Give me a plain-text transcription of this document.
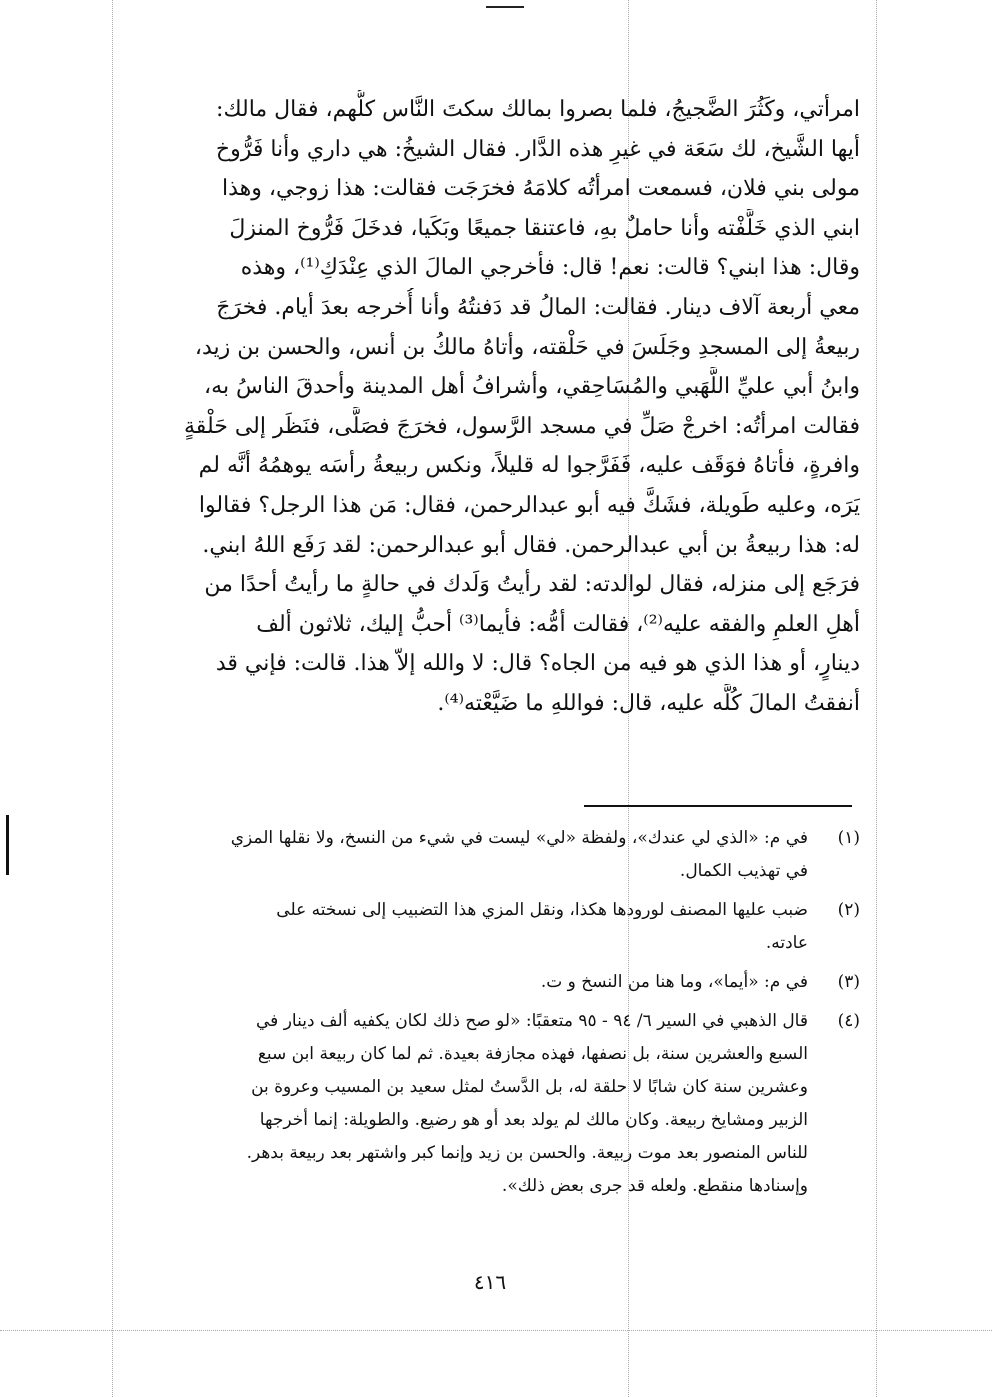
امرأتي، وكَثُرَ الضَّجيجُ، فلما بصروا بمالك سكتَ النَّاس كلُّهم، فقال مالك:
أيها الشَّيخ، لك سَعَة في غيرِ هذه الدَّار. فقال الشيخُ: هي داري وأنا فَرُّوخ
مولى بني فلان، فسمعت امرأتُه كلامَهُ فخرَجَت فقالت: هذا زوجي، وهذا
ابني الذي خَلَّفْته وأنا حاملٌ بهِ، فاعتنقا جميعًا وبَكَيا، فدخَلَ فَرُّوخ المنزلَ
وقال: هذا ابني؟ قالت: نعم! قال: فأخرجي المالَ الذي عِنْدَكِ⁽¹⁾، وهذه
معي أربعة آلاف دينار. فقالت: المالُ قد دَفنتُهُ وأنا أُخرجه بعدَ أيام. فخرَجَ
ربيعةُ إلى المسجدِ وجَلَسَ في حَلْقته، وأتاهُ مالكُ بن أنس، والحسن بن زيد،
وابنُ أبي عليِّ اللَّهَبي والمُسَاحِقي، وأشرافُ أهل المدينة وأحدقَ الناسُ به،
فقالت امرأتُه: اخرجْ صَلِّ في مسجد الرَّسول، فخرَجَ فصَلَّى، فنَظَر إلى حَلْقةٍ
وافرةٍ، فأتاهُ فوَقَف عليه، فَفَرَّجوا له قليلاً، ونكس ربيعةُ رأسَه يوهمُهُ أنَّه لم
يَرَه، وعليه طَويلة، فشَكَّ فيه أبو عبدالرحمن، فقال: مَن هذا الرجل؟ فقالوا
له: هذا ربيعةُ بن أبي عبدالرحمن. فقال أبو عبدالرحمن: لقد رَفَع اللهُ ابني.
فرَجَع إلى منزله، فقال لوالدته: لقد رأيتُ وَلَدك في حالةٍ ما رأيتُ أحدًا من
أهلِ العلمِ والفقه عليه⁽²⁾، فقالت أمُّه: فأيما⁽³⁾ أحبُّ إليك، ثلاثون ألف
دينارٍ، أو هذا الذي هو فيه من الجاه؟ قال: لا والله إلاّ هذا. قالت: فإني قد
أنفقتُ المالَ كُلَّه عليه، قال: فواللهِ ما ضَيَّعْته⁽⁴⁾.
(١)
في م: «الذي لي عندك»، ولفظة «لي» ليست في شيء من النسخ، ولا نقلها المزي
في تهذيب الكمال.
(٢)
ضبب عليها المصنف لورودها هكذا، ونقل المزي هذا التضبيب إلى نسخته على
عادته.
(٣)
في م: «أيما»، وما هنا من النسخ و ت.
(٤)
قال الذهبي في السير ٦/ ٩٤ - ٩٥ متعقبًا: «لو صح ذلك لكان يكفيه ألف دينار في
السبع والعشرين سنة، بل نصفها، فهذه مجازفة بعيدة. ثم لما كان ربيعة ابن سبع
وعشرين سنة كان شابًا لا حلقة له، بل الدَّستُ لمثل سعيد بن المسيب وعروة بن
الزبير ومشايخ ربيعة. وكان مالك لم يولد بعد أو هو رضيع. والطويلة: إنما أخرجها
للناس المنصور بعد موت ربيعة. والحسن بن زيد وإنما كبر واشتهر بعد ربيعة بدهر.
وإسنادها منقطع. ولعله قد جرى بعض ذلك».
٤١٦
